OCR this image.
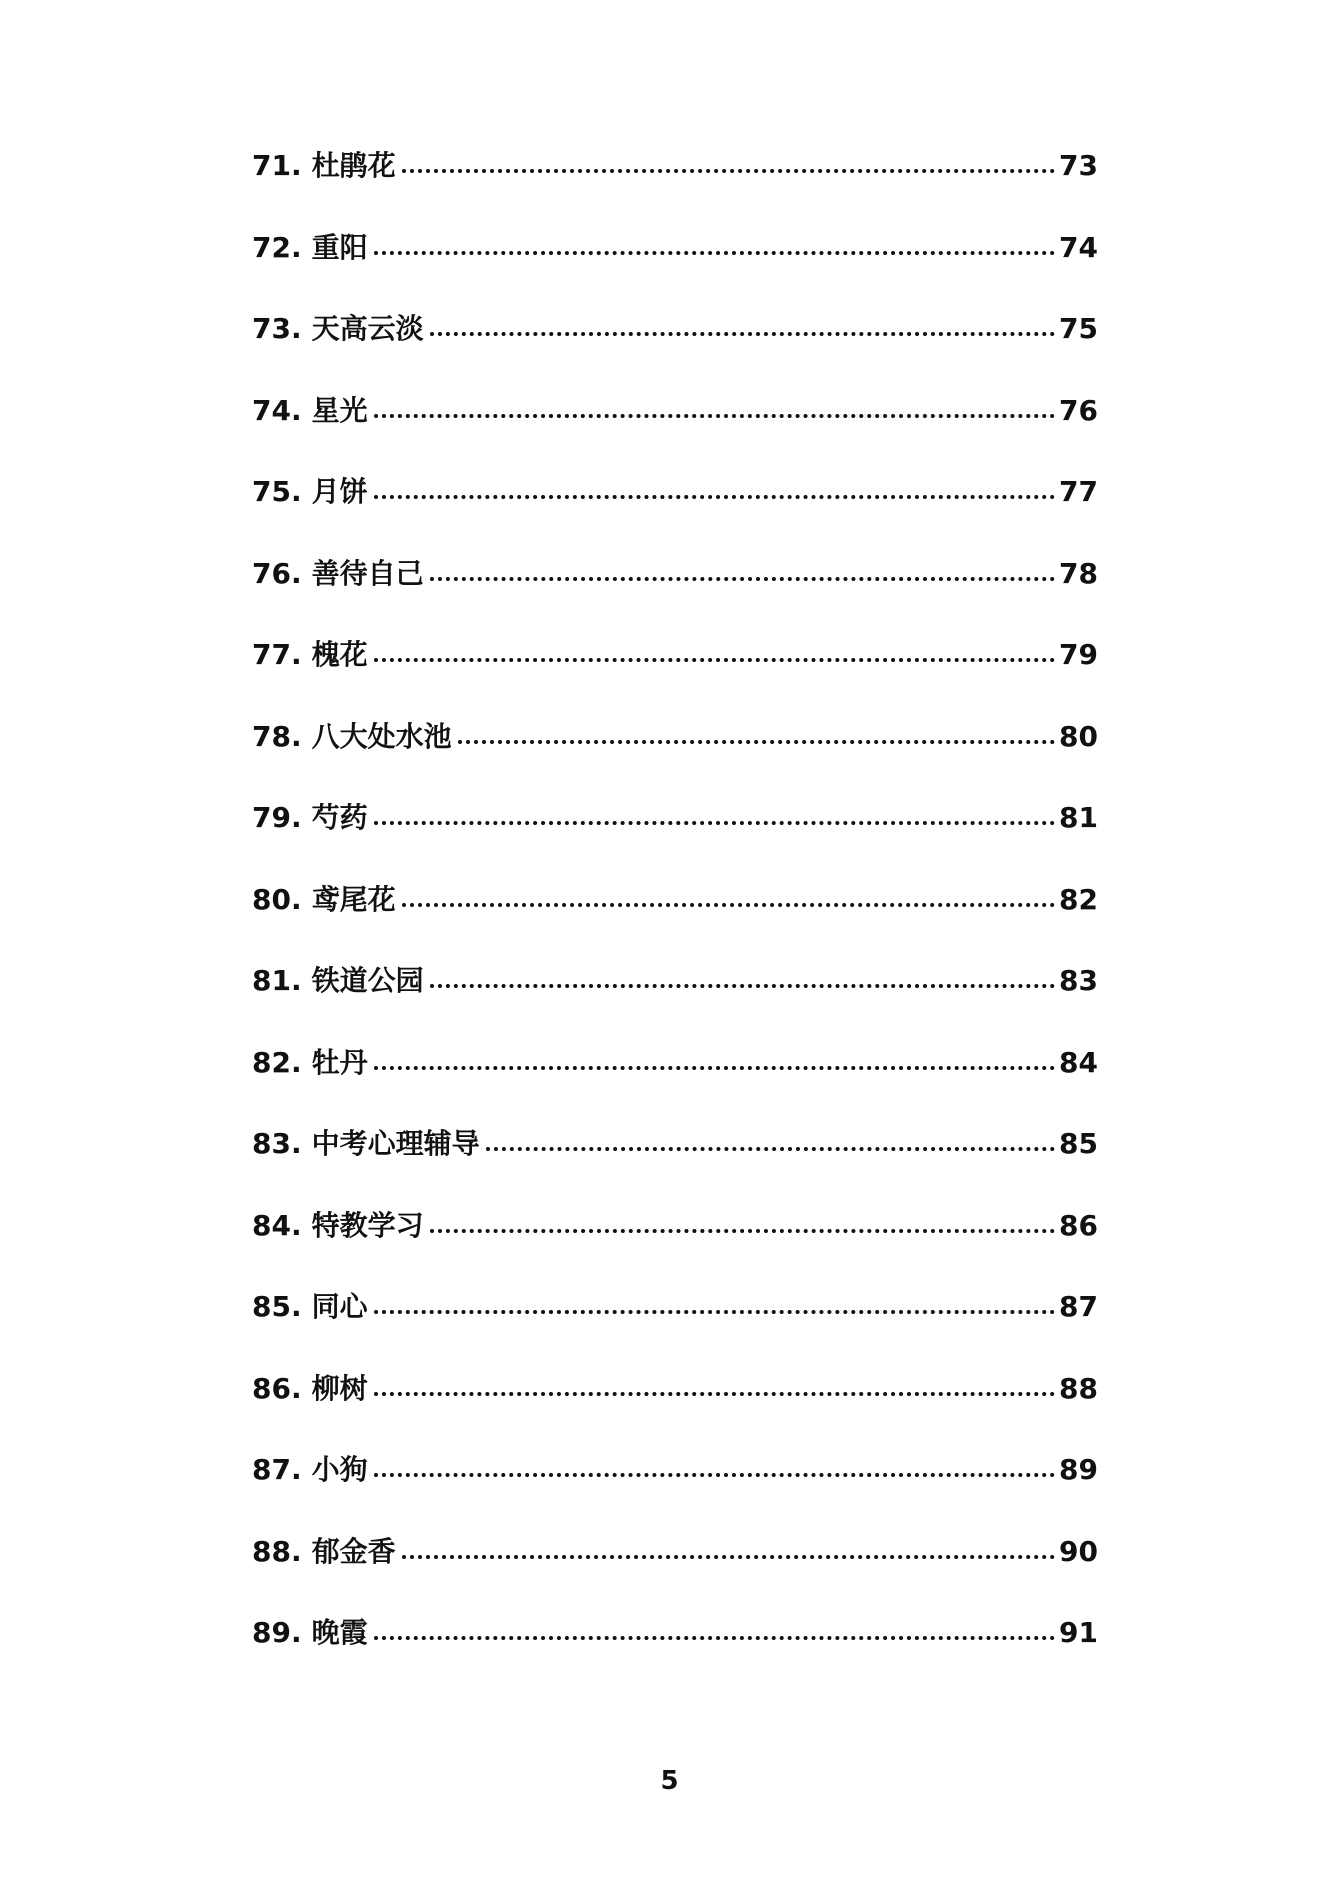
71. 杜鹃花	73
72. 重阳	74
73. 天高云淡	75
74. 星光	76
75. 月饼	77
76. 善待自己	78
77. 槐花	79
78. 八大处水池	80
79. 芍药	81
80. 鸢尾花	82
81. 铁道公园	83
82. 牡丹	84
83. 中考心理辅导	85
84. 特教学习	86
85. 同心	87
86. 柳树	88
87. 小狗	89
88. 郁金香	90
89. 晚霞	91
5
